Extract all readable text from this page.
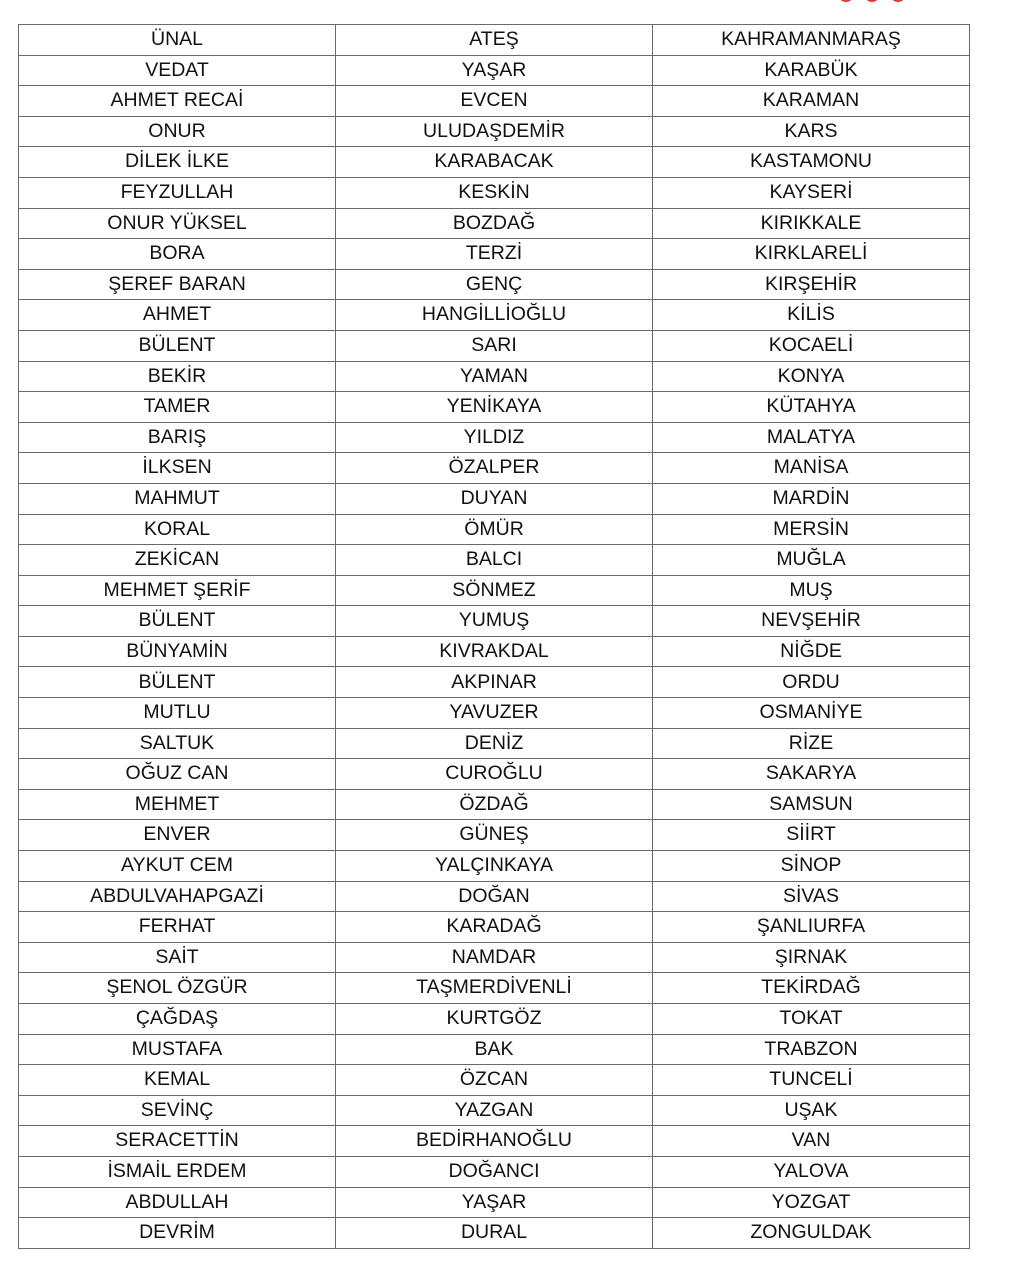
ÜNAL	ATEŞ	KAHRAMANMARAŞ
VEDAT	YAŞAR	KARABÜK
AHMET RECAİ	EVCEN	KARAMAN
ONUR	ULUDAŞDEMİR	KARS
DİLEK İLKE	KARABACAK	KASTAMONU
FEYZULLAH	KESKİN	KAYSERİ
ONUR YÜKSEL	BOZDAĞ	KIRIKKALE
BORA	TERZİ	KIRKLARELİ
ŞEREF BARAN	GENÇ	KIRŞEHİR
AHMET	HANGİLLİOĞLU	KİLİS
BÜLENT	SARI	KOCAELİ
BEKİR	YAMAN	KONYA
TAMER	YENİKAYA	KÜTAHYA
BARIŞ	YILDIZ	MALATYA
İLKSEN	ÖZALPER	MANİSA
MAHMUT	DUYAN	MARDİN
KORAL	ÖMÜR	MERSİN
ZEKİCAN	BALCI	MUĞLA
MEHMET ŞERİF	SÖNMEZ	MUŞ
BÜLENT	YUMUŞ	NEVŞEHİR
BÜNYAMİN	KIVRAKDAL	NİĞDE
BÜLENT	AKPINAR	ORDU
MUTLU	YAVUZER	OSMANİYE
SALTUK	DENİZ	RİZE
OĞUZ CAN	CUROĞLU	SAKARYA
MEHMET	ÖZDAĞ	SAMSUN
ENVER	GÜNEŞ	SİİRT
AYKUT CEM	YALÇINKAYA	SİNOP
ABDULVAHAPGAZİ	DOĞAN	SİVAS
FERHAT	KARADAĞ	ŞANLIURFA
SAİT	NAMDAR	ŞIRNAK
ŞENOL ÖZGÜR	TAŞMERDİVENLİ	TEKİRDAĞ
ÇAĞDAŞ	KURTGÖZ	TOKAT
MUSTAFA	BAK	TRABZON
KEMAL	ÖZCAN	TUNCELİ
SEVİNÇ	YAZGAN	UŞAK
SERACETTİN	BEDİRHANOĞLU	VAN
İSMAİL ERDEM	DOĞANCI	YALOVA
ABDULLAH	YAŞAR	YOZGAT
DEVRİM	DURAL	ZONGULDAK
